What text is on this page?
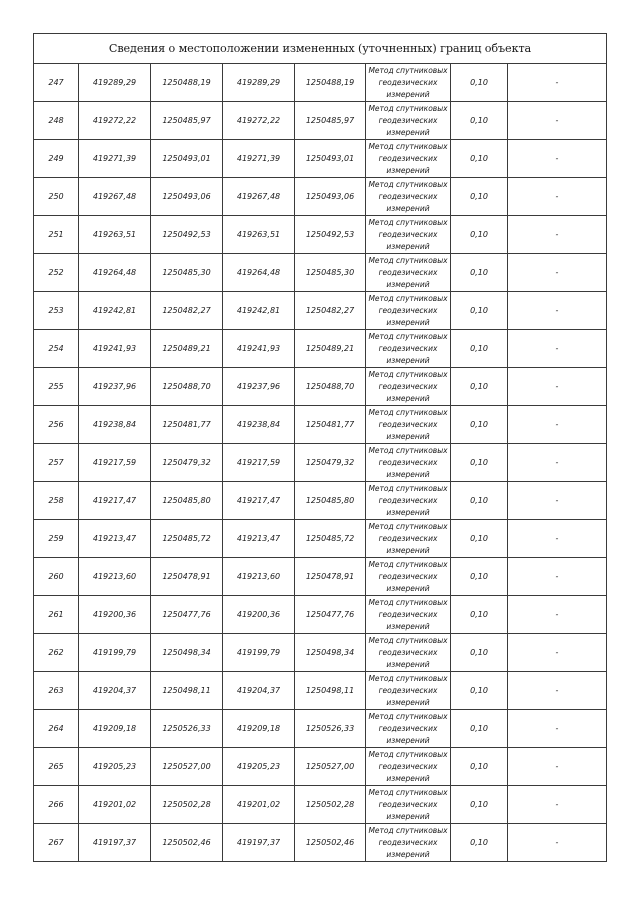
Сведения о местоположении измененных (уточненных) границ объекта							
247	419289,29	1250488,19	419289,29	1250488,19	Метод спутниковых
геодезических
измерений	0,10	-
248	419272,22	1250485,97	419272,22	1250485,97	Метод спутниковых
геодезических
измерений	0,10	-
249	419271,39	1250493,01	419271,39	1250493,01	Метод спутниковых
геодезических
измерений	0,10	-
250	419267,48	1250493,06	419267,48	1250493,06	Метод спутниковых
геодезических
измерений	0,10	-
251	419263,51	1250492,53	419263,51	1250492,53	Метод спутниковых
геодезических
измерений	0,10	-
252	419264,48	1250485,30	419264,48	1250485,30	Метод спутниковых
геодезических
измерений	0,10	-
253	419242,81	1250482,27	419242,81	1250482,27	Метод спутниковых
геодезических
измерений	0,10	-
254	419241,93	1250489,21	419241,93	1250489,21	Метод спутниковых
геодезических
измерений	0,10	-
255	419237,96	1250488,70	419237,96	1250488,70	Метод спутниковых
геодезических
измерений	0,10	-
256	419238,84	1250481,77	419238,84	1250481,77	Метод спутниковых
геодезических
измерений	0,10	-
257	419217,59	1250479,32	419217,59	1250479,32	Метод спутниковых
геодезических
измерений	0,10	-
258	419217,47	1250485,80	419217,47	1250485,80	Метод спутниковых
геодезических
измерений	0,10	-
259	419213,47	1250485,72	419213,47	1250485,72	Метод спутниковых
геодезических
измерений	0,10	-
260	419213,60	1250478,91	419213,60	1250478,91	Метод спутниковых
геодезических
измерений	0,10	-
261	419200,36	1250477,76	419200,36	1250477,76	Метод спутниковых
геодезических
измерений	0,10	-
262	419199,79	1250498,34	419199,79	1250498,34	Метод спутниковых
геодезических
измерений	0,10	-
263	419204,37	1250498,11	419204,37	1250498,11	Метод спутниковых
геодезических
измерений	0,10	-
264	419209,18	1250526,33	419209,18	1250526,33	Метод спутниковых
геодезических
измерений	0,10	-
265	419205,23	1250527,00	419205,23	1250527,00	Метод спутниковых
геодезических
измерений	0,10	-
266	419201,02	1250502,28	419201,02	1250502,28	Метод спутниковых
геодезических
измерений	0,10	-
267	419197,37	1250502,46	419197,37	1250502,46	Метод спутниковых
геодезических
измерений	0,10	-
